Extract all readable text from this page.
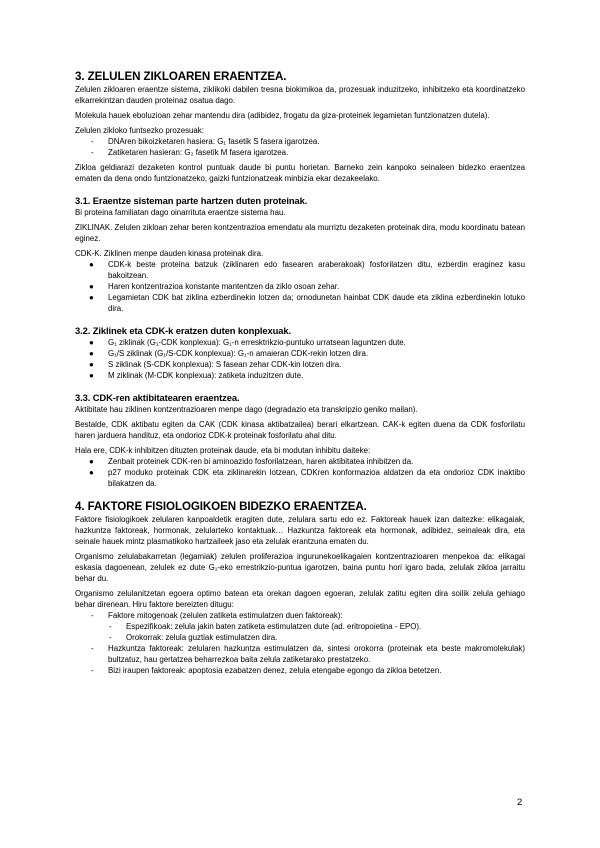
3. ZELULEN ZIKLOAREN ERAENTZEA.

Zelulen zikloaren eraentze sistema, ziklikoki dabilen tresna biokimikoa da, prozesuak induzitzeko, inhibitzeko eta koordinatzeko elkarrekintzan dauden proteinaz osatua dago.

Molekula hauek eboluzioan zehar mantendu dira (adibidez, frogatu da giza-proteinek legamietan funtzionatzen dutela).

Zelulen zikloko funtsezko prozesuak:

- DNAren bikoizketaren hasiera: G₁ fasetik S fasera igarotzea.
- Zatiketaren hasieran: G₂ fasetik M fasera igarotzea.

Zikloa geldiarazi dezaketen kontrol puntuak daude bi puntu horietan. Barneko zein kanpoko seinaleen bidezko eraentzea ematen da dena ondo funtzionatzeko, gaizki funtzionatzeak minbizia ekar dezakeelako.

3.1. Eraentze sisteman parte hartzen duten proteinak.

Bi proteina familiatan dago oinarrituta eraentze sistema hau.

ZIKLINAK. Zelulen zikloan zehar beren kontzentrazioa emendatu ala murriztu dezaketen proteinak dira, modu koordinatu batean eginez.

CDK-K. Ziklinen menpe dauden kinasa proteinak dira.

● CDK-k beste proteina batzuk (ziklinaren edo fasearen araberakoak) fosforilatzen ditu, ezberdin eraginez kasu bakoitzean.
● Haren kontzentrazioa konstante mantentzen da ziklo osoan zehar.
● Legamietan CDK bat ziklina ezberdinekin lotzen da; ornodunetan hainbat CDK daude eta ziklina ezberdinekin lotuko dira.

3.2. Ziklinek eta CDK-k eratzen duten konplexuak.

● G₁ ziklinak (G₁-CDK konplexua): G₁-n erresktrikzio-puntuko urratsean laguntzen dute.
● G₁/S ziklinak (G₁/S-CDK konplexua): G₁-n amaieran CDK-rekin lotzen dira.
● S ziklinak (S-CDK konplexua): S fasean zehar CDK-kin lotzen dira.
● M ziklinak (M-CDK konplexua): zatiketa induzitzen dute.

3.3. CDK-ren aktibitatearen eraentzea.

Aktibitate hau ziklinen kontzentrazioaren menpe dago (degradazio eta transkripzio geniko mailan).

Bestalde, CDK aktibatu egiten da CAK (CDK kinasa aktibatzailea) berari elkartzean. CAK-k egiten duena da CDK fosforilatu haren jarduera handituz, eta ondorioz CDK-k proteinak fosforilatu ahal ditu.

Hala ere, CDK-k inhibitzen dituzten proteinak daude, eta bi modutan inhibitu daiteke:

● Zenbait proteinek CDK-ren bi aminoazido fosforilatzean, haren aktibitatea inhibitzen da.
● p27 moduko proteinak CDK eta ziklinarekin lotzean, CDKren konformazioa aldatzen da eta ondorioz CDK inaktibo bilakatzen da.

4. FAKTORE FISIOLOGIKOEN BIDEZKO ERAENTZEA.

Faktore fisiologikoek zelularen kanpoaldetik eragiten dute, zelulara sartu edo ez. Faktoreak hauek izan daitezke: elikagaiak, hazkuntza faktoreak, hormonak, zelularteko kontaktuak… Hazkuntza faktoreak eta hormonak, adibidez, seinaleak dira, eta seinale hauek mintz plasmatikoko hartzaileek jaso eta zelulak erantzuna ematen du.

Organismo zelulabakarretan (legamiak) zelulen proliferazioa ingurunekoelikagaien kontzentrazioaren menpekoa da: elikagai eskasia dagoenean, zelulek ez dute G₁-eko errestrikzio-puntua igarotzen, baina puntu hori igaro bada, zelulak zikloa jarraitu behar du.

Organismo zelulanitzetan egoera optimo batean eta orekan dagoen egoeran, zelulak zatitu egiten dira soilik zelula gehiago behar direnean. Hiru faktore bereizten ditugu:

- Faktore mitogenoak (zelulen zatiketa estimulatzen duen faktoreak):
- Espezifikoak: zelula jakin baten zatiketa estimulatzen dute (ad. eritropoietina - EPO).
- Orokorrak: zelula guztiak estimulatzen dira.
- Hazkuntza faktoreak: zelularen hazkuntza estimulatzen da, sintesi orokorra (proteinak eta beste makromolekulak) bultzatuz, hau gertatzea beharrezkoa baita zelula zatiketarako prestatzeko.
- Bizi iraupen faktoreak: apoptosia ezabatzen denez, zelula etengabe egongo da zikloa betetzen.
2
